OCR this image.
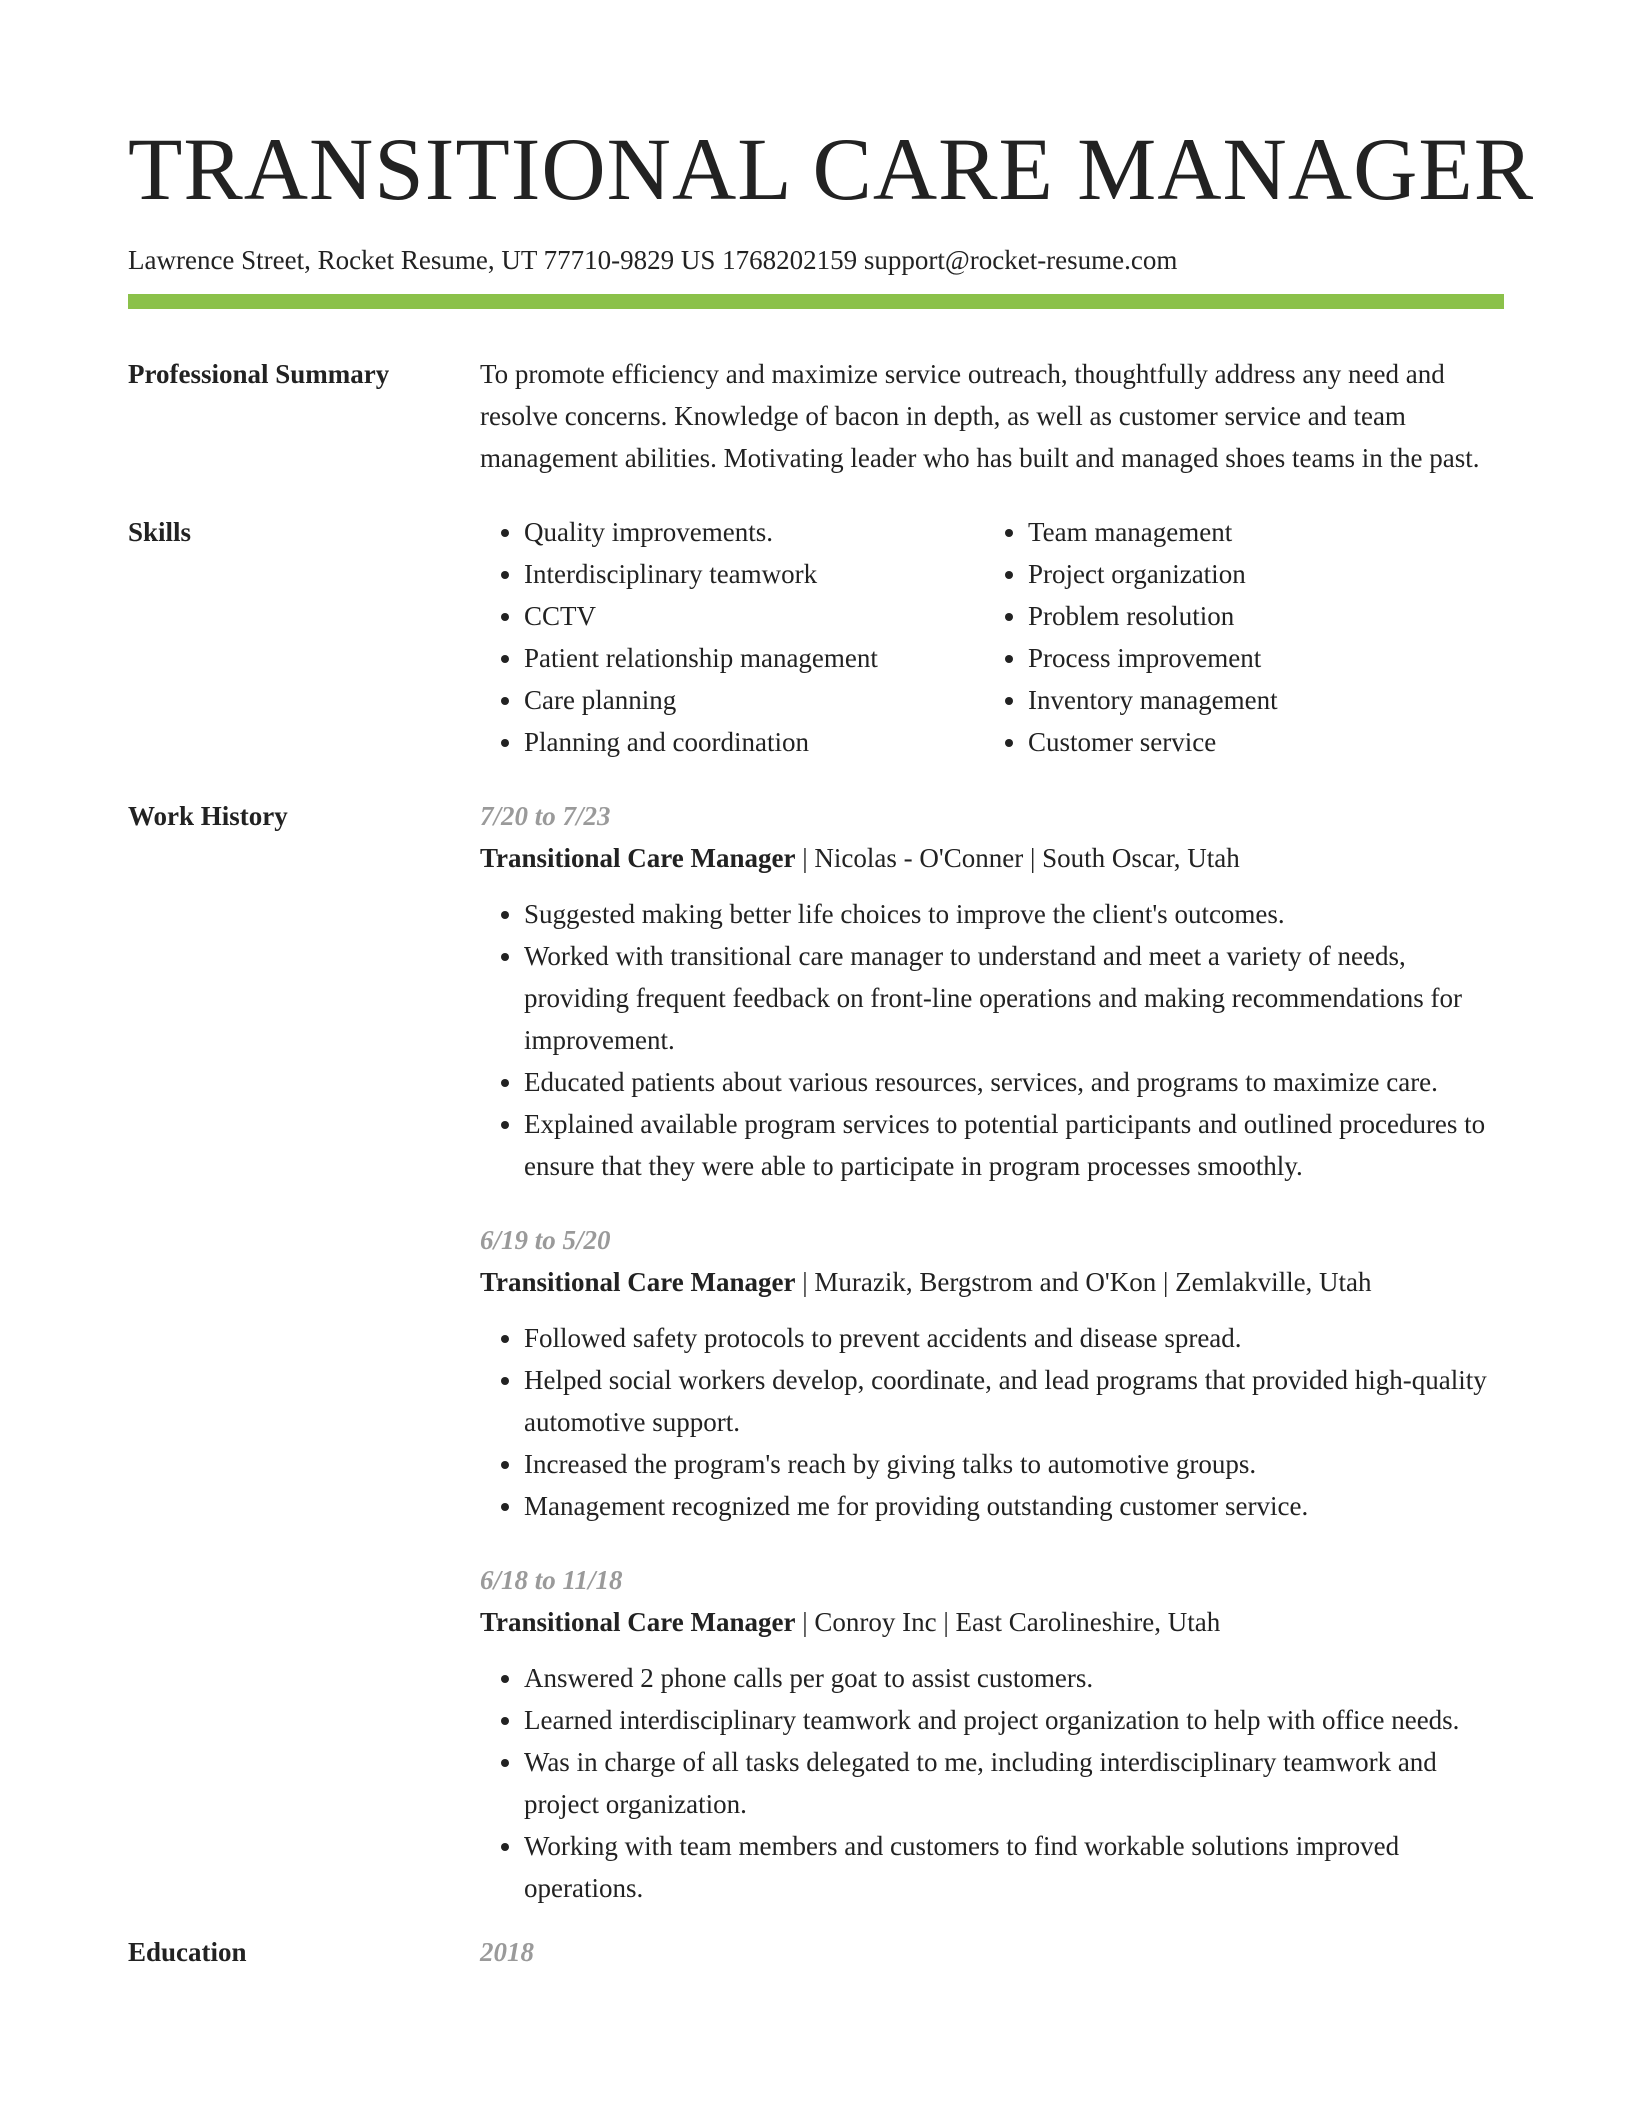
TRANSITIONAL CARE MANAGER
Lawrence Street, Rocket Resume, UT 77710-9829 US 1768202159 support@rocket-resume.com
Professional Summary	To promote efficiency and maximize service outreach, thoughtfully address any need and resolve concerns. Knowledge of bacon in depth, as well as customer service and team management abilities. Motivating leader who has built and managed shoes teams in the past.
Skills
•	Quality improvements.
• Interdisciplinary teamwork
• CCTV
• Patient relationship management
• Care planning
• Planning and coordination
• Team management
• Project organization
• Problem resolution
• Process improvement
• Inventory management
• Customer service
Work History	7/20 to 7/23
Transitional Care Manager | Nicolas - O'Conner | South Oscar, Utah
• Suggested making better life choices to improve the client's outcomes.
• Worked with transitional care manager to understand and meet a variety of needs, providing frequent feedback on front-line operations and making recommendations for improvement.
• Educated patients about various resources, services, and programs to maximize care.
• Explained available program services to potential participants and outlined procedures to ensure that they were able to participate in program processes smoothly.
6/19 to 5/20
Transitional Care Manager | Murazik, Bergstrom and O'Kon | Zemlakville, Utah
• Followed safety protocols to prevent accidents and disease spread.
• Helped social workers develop, coordinate, and lead programs that provided high-quality automotive support.
• Increased the program's reach by giving talks to automotive groups.
• Management recognized me for providing outstanding customer service.
6/18 to 11/18
Transitional Care Manager | Conroy Inc | East Carolineshire, Utah
• Answered 2 phone calls per goat to assist customers.
• Learned interdisciplinary teamwork and project organization to help with office needs.
• Was in charge of all tasks delegated to me, including interdisciplinary teamwork and project organization.
• Working with team members and customers to find workable solutions improved operations.
Education	2018
